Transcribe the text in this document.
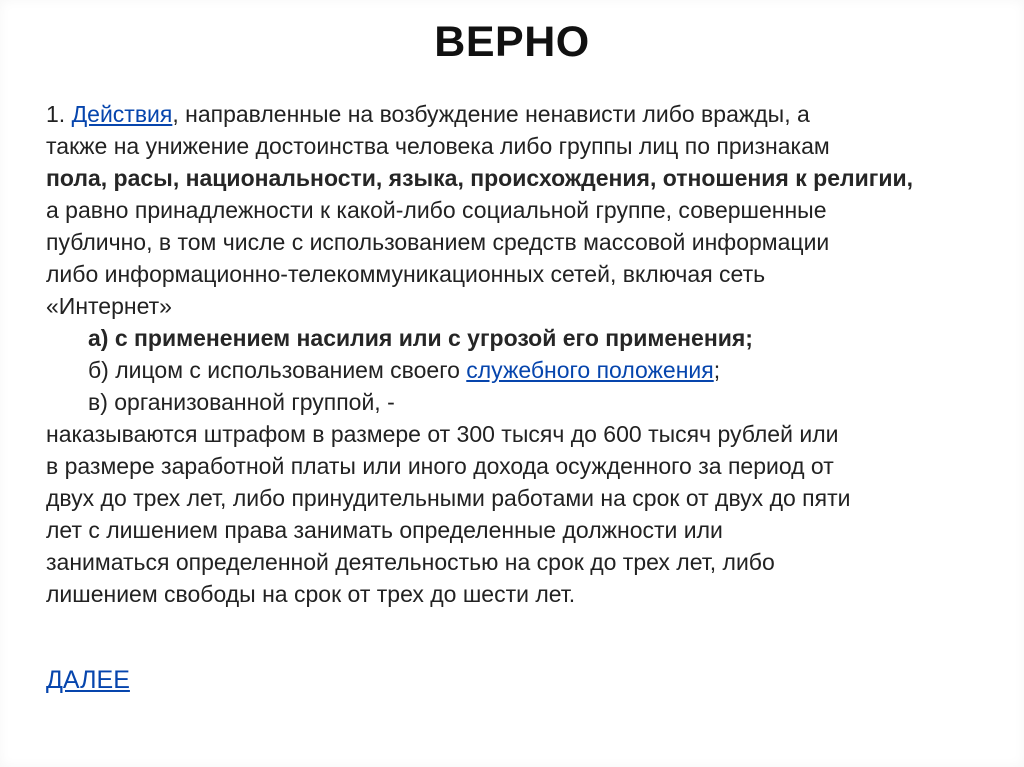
ВЕРНО
1. Действия, направленные на возбуждение ненависти либо вражды, а
также на унижение достоинства человека либо группы лиц по признакам
пола, расы, национальности, языка, происхождения, отношения к религии,
а равно принадлежности к какой-либо социальной группе, совершенные
публично, в том числе с использованием средств массовой информации
либо информационно-телекоммуникационных сетей, включая сеть
«Интернет»
а) с применением насилия или с угрозой его применения;
б) лицом с использованием своего служебного положения;
в) организованной группой, -
наказываются штрафом в размере от 300 тысяч до 600 тысяч рублей или
в размере заработной платы или иного дохода осужденного за период от
двух до трех лет, либо принудительными работами на срок от двух до пяти
лет с лишением права занимать определенные должности или
заниматься определенной деятельностью на срок до трех лет, либо
лишением свободы на срок от трех до шести лет.
ДАЛЕЕ
